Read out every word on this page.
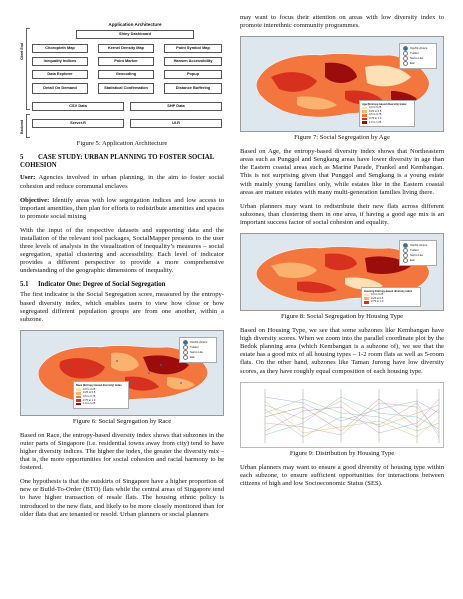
Application Architecture
Client End
Backend
Shiny Dashboard
Choropleth Map	Kernel Density Map	Point Symbol Map
Inequality Indices	Point Marker	Hansen Accessibility
Data Explorer	Geocoding	Popup
Detail On Demand	Statistical Confirmation	Distance Buffering
CSV Data	SHP Data
Server.R	UI.R
Figure 5: Application Architecture
5 CASE STUDY: URBAN PLANNING TO FOSTER SOCIAL COHESION

User: Agencies involved in urban planning, in the aim to foster social cohesion and reduce communal enclaves

Objective: Identify areas with low segregation indices and low access to important amenities, then plan for efforts to redistribute amenities and spaces to promote social mixing

With the input of the respective datasets and supporting data and the installation of the relevant tool packages, SocialMapper presents to the user three levels of analysis in the visualization of inequality’s measures – social segregation, spatial clustering and accessibility. Each level of indicator provides a different perspective to provide a more comprehensive understanding of the geographic dimensions of inequality.

5.1 Indicator One: Degree of Social Segregation

The first indicator is the Social Segregation score, measured by the entropy-based diversity index, which enables users to view how close or how segregated different population groups are from one another, within a subzone.

CHAS clinics
Tuition
Swim Lite
Eat
Race (Entropy-based diversity) index
0.0 to 0.25
0.25 to 0.5
0.5 to 0.75
0.75 to 1.0
1.0 to 1.25
Figure 6: Social Segregation by Race

Based on Race, the entropy-based diversity index shows that subzones in the outer parts of Singapore (i.e. residential towns away from city) tend to have higher diversity indices. The higher the index, the greater the diversity mix – that is, the more opportunities for social cohesion and racial harmony to be fostered.

One hypothesis is that the outskirts of Singapore have a higher proportion of new or Build-To-Order (BTO) flats while the central areas of Singapore tend to have higher transaction of resale flats. The housing ethnic policy is introduced to the new flats, and likely to be more closely monitored than for older flats that are tenanted or resold. Urban planners or social planners

may want to focus their attention on areas with low diversity index to promote interethnic community programmes.

CHAS clinics
Tuition
Swim Lite
Eat
Age (Entropy-based diversity) index
0.0 to 0.25
0.25 to 0.5
0.5 to 0.75
0.75 to 1.0
1.0 to 1.25
Figure 7: Social Segregation by Age

Based on Age, the entropy-based diversity index shows that Northeastern areas such as Punggol and Sengkang areas have lower diversity in age than the Eastern coastal areas such as Marine Parade, Frankel and Kembangan. This is not surprising given that Punggol and Sengkang is a young estate with mainly young families only, while estates like in the Eastern coastal areas are mature estates with many multi-generation families living there.

Urban planners may want to redistribute their new flats across different subzones, than clustering them in one area, if having a good age mix is an important success factor of social cohesion and equality.

CHAS clinics
Tuition
Swim Lite
Eat
Housing Entropy-based diversity index
0.0 to 0.25
0.25 to 0.5
0.75 to 1.0
Figure 8: Social Segregation by Housing Type

Based on Housing Type, we see that some subzones like Kembangan have high diversity scores. When we zoom into the parallel coordinate plot by the Bedok planning area (which Kembangan is a subzone of), we see that the estate has a good mix of all housing types – 1-2 room flats as well as 5-room flats. On the other hand, subzones like Taman Jurong have low diversity scores, as they have roughly equal composition of each housing type.

Figure 9: Distribution by Housing Type

Urban planners may want to ensure a good diversity of housing type within each subzone, to ensure sufficient opportunities for interactions between citizens of high and low Socioeconomic Status (SES).
